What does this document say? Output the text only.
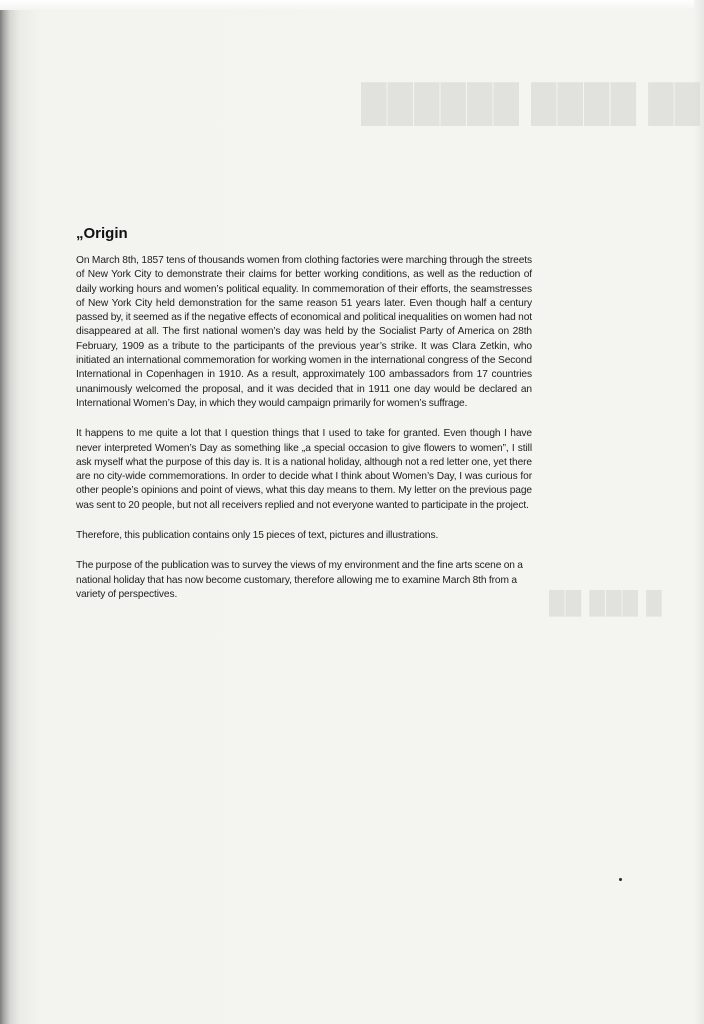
██ ████ ██████
█ ███ ██
„Origin

On March 8th, 1857 tens of thousands women from clothing factories were marching through the streets of New York City to demonstrate their claims for better working conditions, as well as the reduction of daily working hours and women’s political equality. In commemoration of their efforts, the seamstresses of New York City held demonstration for the same reason 51 years later. Even though half a century passed by, it seemed as if the negative effects of economical and political inequalities on women had not disappeared at all. The first national women’s day was held by the Socialist Party of America on 28th February, 1909 as a tribute to the participants of the previous year’s strike. It was Clara Zetkin, who initiated an international commemoration for working women in the international congress of the Second International in Copenhagen in 1910. As a result, approximately 100 ambassadors from 17 countries unanimously welcomed the proposal, and it was decided that in 1911 one day would be declared an International Women’s Day, in which they would campaign primarily for women’s suffrage.

It happens to me quite a lot that I question things that I used to take for granted. Even though I have never interpreted Women’s Day as something like „a special occasion to give flowers to women”, I still ask myself what the purpose of this day is. It is a national holiday, although not a red letter one, yet there are no city-wide commemorations. In order to decide what I think about Women’s Day, I was curious for other people’s opinions and point of views, what this day means to them. My letter on the previous page was sent to 20 people, but not all receivers replied and not everyone wanted to participate in the project.

Therefore, this publication contains only 15 pieces of text, pictures and illustrations.

The purpose of the publication was to survey the views of my environment and the fine arts scene on a national holiday that has now become customary, therefore allowing me to examine March 8th from a variety of perspectives.
